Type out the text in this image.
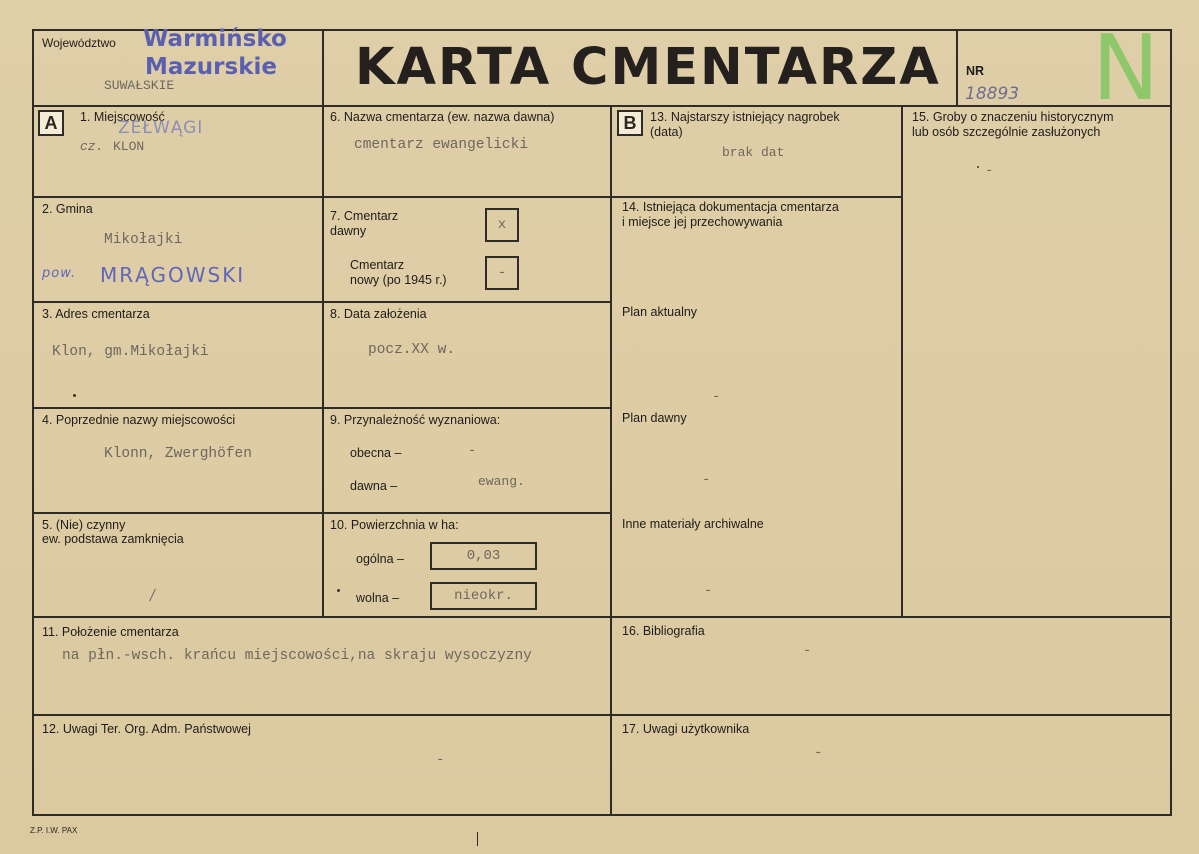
Województwo Warmińsko
Mazurskie
SUWAŁSKIE	KARTA CMENTARZA NR
18893 N
A	B
1. Miejscowość
ZEŁWĄGI
cz. KLON
2. Gmina
Mikołajki
pow. MRĄGOWSKI
3. Adres cmentarza
Klon, gm.Mikołajki
4. Poprzednie nazwy miejscowości
Klonn, Zwerghöfen
5. (Nie) czynny
ew. podstawa zamknięcia
6. Nazwa cmentarza (ew. nazwa dawna)
cmentarz ewangelicki
7. Cmentarz
dawny	x
Cmentarz
nowy (po 1945 r.)	-
8. Data założenia
pocz.XX w.
9. Przynależność wyznaniowa:
obecna –	-
dawna –	ewang.
10. Powierzchnia w ha:
ogólna –	0,03
wolna –	nieokr.
11. Położenie cmentarza
na płn.-wsch. krańcu miejscowości,na skraju wysoczyzny
12. Uwagi Ter. Org. Adm. Państwowej
-
13. Najstarszy istniejący nagrobek
(data)
brak dat
14. Istniejąca dokumentacja cmentarza
i miejsce jej przechowywania
Plan aktualny
-
Plan dawny
-
Inne materiały archiwalne
-
15. Groby o znaczeniu historycznym
lub osób szczególnie zasłużonych
-
16. Bibliografia
-
17. Uwagi użytkownika
-
Z.P. I.W. PAX
